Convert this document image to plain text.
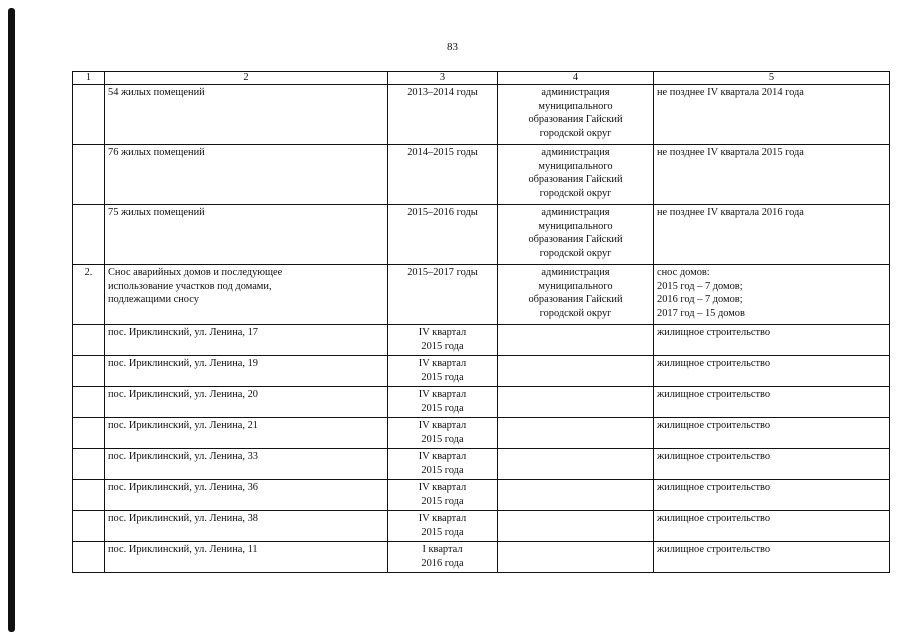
83
1	2	3	4	5
	54 жилых помещений	2013–2014 годы	администрация
муниципального
образования Гайский
городской округ	не позднее IV квартала 2014 года
	76 жилых помещений	2014–2015 годы	администрация
муниципального
образования Гайский
городской округ	не позднее IV квартала 2015 года
	75 жилых помещений	2015–2016 годы	администрация
муниципального
образования Гайский
городской округ	не позднее IV квартала 2016 года
2.	Снос аварийных домов и последующее
использование участков под домами,
подлежащими сносу	2015–2017 годы	администрация
муниципального
образования Гайский
городской округ	снос домов:
2015 год – 7 домов;
2016 год – 7 домов;
2017 год – 15 домов
	пос. Ириклинский, ул. Ленина, 17	IV квартал
2015 года		жилищное строительство
	пос. Ириклинский, ул. Ленина, 19	IV квартал
2015 года		жилищное строительство
	пос. Ириклинский, ул. Ленина, 20	IV квартал
2015 года		жилищное строительство
	пос. Ириклинский, ул. Ленина, 21	IV квартал
2015 года		жилищное строительство
	пос. Ириклинский, ул. Ленина, 33	IV квартал
2015 года		жилищное строительство
	пос. Ириклинский, ул. Ленина, 36	IV квартал
2015 года		жилищное строительство
	пос. Ириклинский, ул. Ленина, 38	IV квартал
2015 года		жилищное строительство
	пос. Ириклинский, ул. Ленина, 11	I квартал
2016 года		жилищное строительство
